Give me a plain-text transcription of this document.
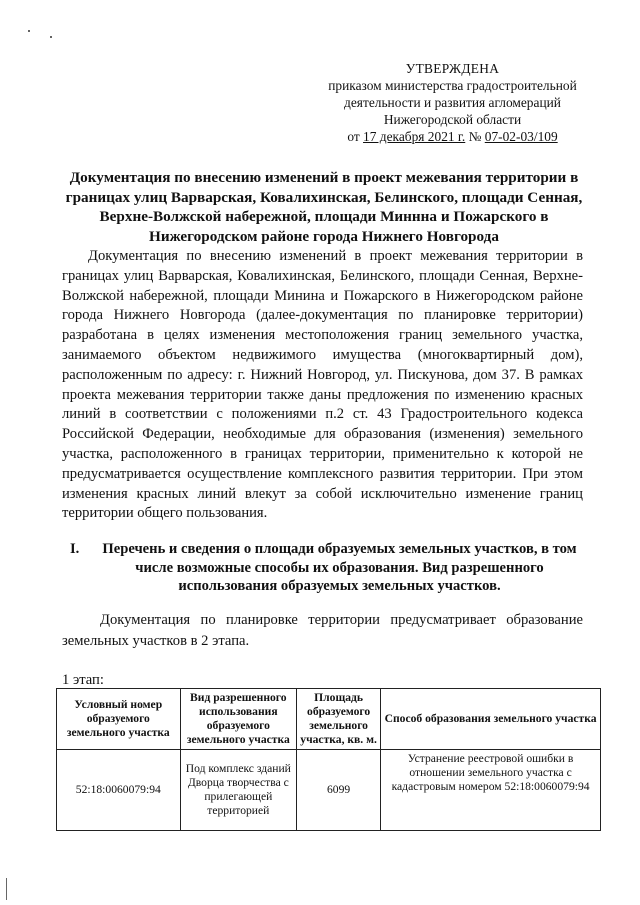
УТВЕРЖДЕНА
приказом министерства градостроительной
деятельности и развития агломераций
Нижегородской области
от 17 декабря 2021 г. № 07-02-03/109
Документация по внесению изменений в проект межевания территории в
границах улиц Варварская, Ковалихинская, Белинского, площади Сенная,
Верхне-Волжской набережной, площади Миннна и Пожарского в
Нижегородском районе города Нижнего Новгорода

Документация по внесению изменений в проект межевания территории в границах улиц Варварская, Ковалихинская, Белинского, площади Сенная, Верхне-Волжской набережной, площади Минина и Пожарского в Нижегородском районе города Нижнего Новгорода (далее-документация по планировке территории) разработана в целях изменения местоположения границ земельного участка, занимаемого объектом недвижимого имущества (многоквартирный дом), расположенным по адресу: г. Нижний Новгород, ул. Пискунова, дом 37. В рамках проекта межевания территории также даны предложения по изменению красных линий в соответствии с положениями п.2 ст. 43 Градостроительного кодекса Российской Федерации, необходимые для образования (изменения) земельного участка, расположенного в границах территории, применительно к которой не предусматривается осуществление комплексного развития территории. При этом изменения красных линий влекут за собой исключительно изменение границ территории общего пользования.

I.	Перечень и сведения о площади образуемых земельных участков, в том
числе возможные способы их образования. Вид разрешенного
использования образуемых земельных участков.

Документация по планировке территории предусматривает образование земельных участков в 2 этапа.

1 этап:
Условный номер образуемого земельного участка	Вид разрешенного использования образуемого земельного участка	Площадь образуемого земельного участка, кв. м.	Способ образования земельного участка
52:18:0060079:94	Под комплекс зданий Дворца творчества с прилегающей территорией	6099	Устранение реестровой ошибки в отношении земельного участка с кадастровым номером 52:18:0060079:94
